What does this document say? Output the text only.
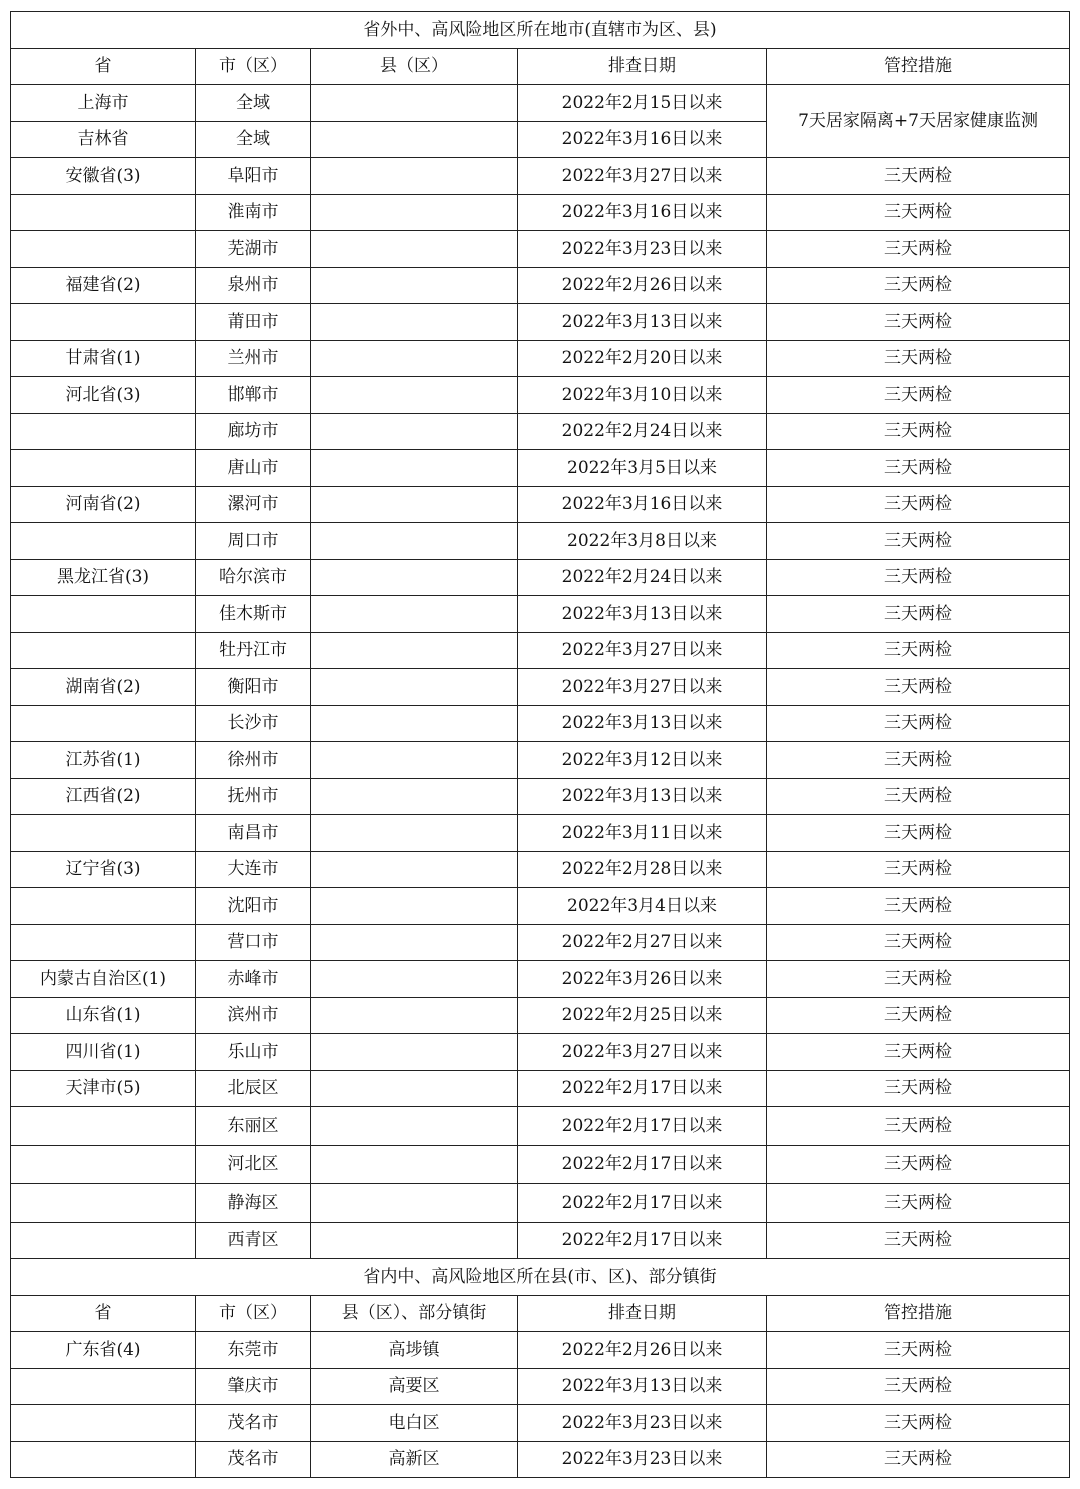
省外中、高风险地区所在地市(直辖市为区、县)				
省	市（区）	县（区）	排查日期	管控措施
上海市	全域		2022年2月15日以来	7天居家隔离+7天居家健康监测
吉林省	全域		2022年3月16日以来	
安徽省(3)	阜阳市		2022年3月27日以来	三天两检
	淮南市		2022年3月16日以来	三天两检
	芜湖市		2022年3月23日以来	三天两检
福建省(2)	泉州市		2022年2月26日以来	三天两检
	莆田市		2022年3月13日以来	三天两检
甘肃省(1)	兰州市		2022年2月20日以来	三天两检
河北省(3)	邯郸市		2022年3月10日以来	三天两检
	廊坊市		2022年2月24日以来	三天两检
	唐山市		2022年3月5日以来	三天两检
河南省(2)	漯河市		2022年3月16日以来	三天两检
	周口市		2022年3月8日以来	三天两检
黑龙江省(3)	哈尔滨市		2022年2月24日以来	三天两检
	佳木斯市		2022年3月13日以来	三天两检
	牡丹江市		2022年3月27日以来	三天两检
湖南省(2)	衡阳市		2022年3月27日以来	三天两检
	长沙市		2022年3月13日以来	三天两检
江苏省(1)	徐州市		2022年3月12日以来	三天两检
江西省(2)	抚州市		2022年3月13日以来	三天两检
	南昌市		2022年3月11日以来	三天两检
辽宁省(3)	大连市		2022年2月28日以来	三天两检
	沈阳市		2022年3月4日以来	三天两检
	营口市		2022年2月27日以来	三天两检
内蒙古自治区(1)	赤峰市		2022年3月26日以来	三天两检
山东省(1)	滨州市		2022年2月25日以来	三天两检
四川省(1)	乐山市		2022年3月27日以来	三天两检
天津市(5)	北辰区		2022年2月17日以来	三天两检
	东丽区		2022年2月17日以来	三天两检
	河北区		2022年2月17日以来	三天两检
	静海区		2022年2月17日以来	三天两检
	西青区		2022年2月17日以来	三天两检
省内中、高风险地区所在县(市、区)、部分镇街				
省	市（区）	县（区）、部分镇街	排查日期	管控措施
广东省(4)	东莞市	高埗镇	2022年2月26日以来	三天两检
	肇庆市	高要区	2022年3月13日以来	三天两检
	茂名市	电白区	2022年3月23日以来	三天两检
	茂名市	高新区	2022年3月23日以来	三天两检
